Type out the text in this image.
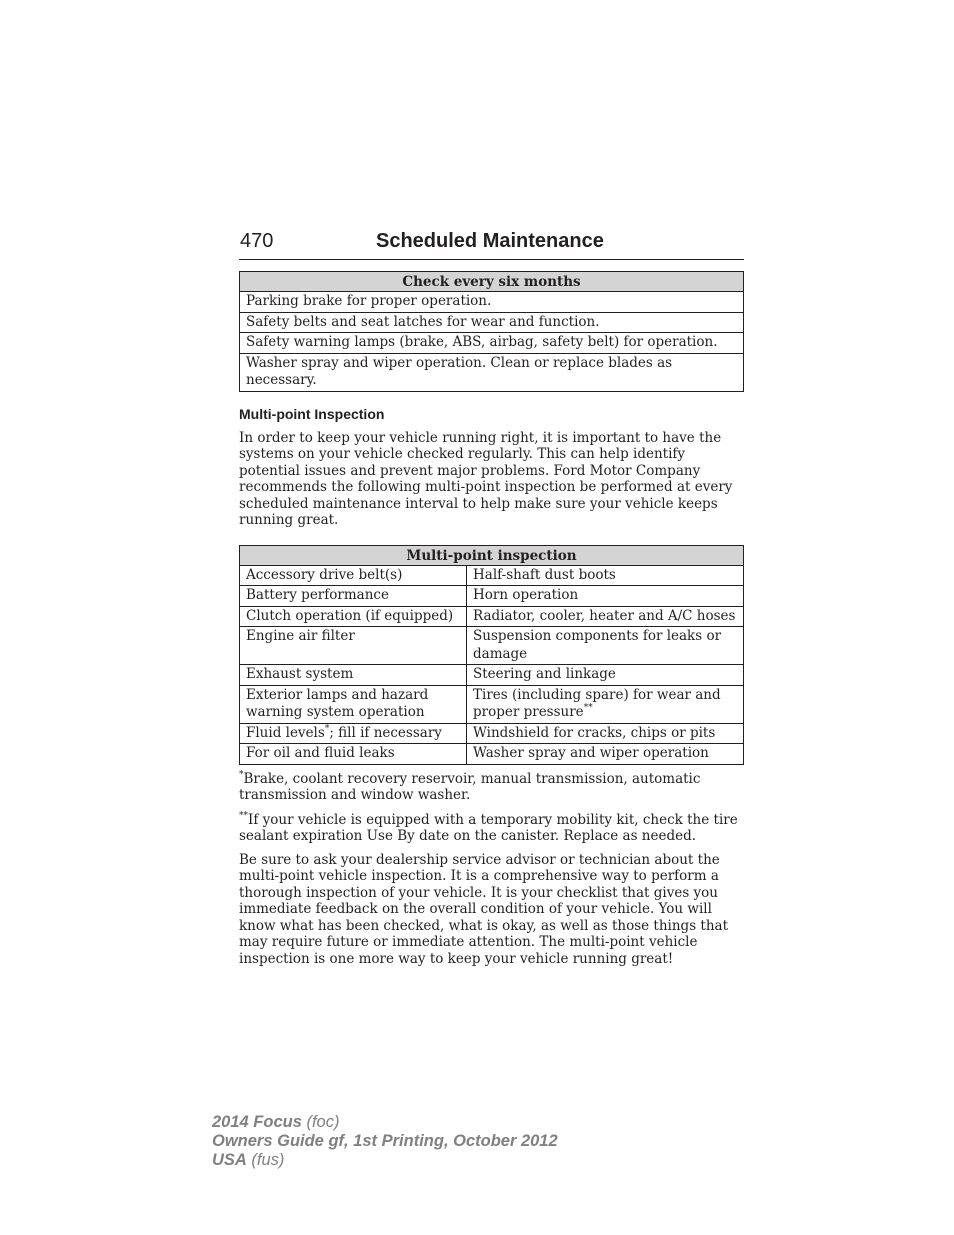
470	Scheduled Maintenance
Check every six months
Parking brake for proper operation.
Safety belts and seat latches for wear and function.
Safety warning lamps (brake, ABS, airbag, safety belt) for operation.
Washer spray and wiper operation. Clean or replace blades as necessary.
Multi-point Inspection

In order to keep your vehicle running right, it is important to have the systems on your vehicle checked regularly. This can help identify potential issues and prevent major problems. Ford Motor Company recommends the following multi-point inspection be performed at every scheduled maintenance interval to help make sure your vehicle keeps running great.

Multi-point inspection	
Accessory drive belt(s)	Half-shaft dust boots
Battery performance	Horn operation
Clutch operation (if equipped)	Radiator, cooler, heater and A/C hoses
Engine air filter	Suspension components for leaks or damage
Exhaust system	Steering and linkage
Exterior lamps and hazard warning system operation	Tires (including spare) for wear and proper pressure**
Fluid levels*; fill if necessary	Windshield for cracks, chips or pits
For oil and fluid leaks	Washer spray and wiper operation

*Brake, coolant recovery reservoir, manual transmission, automatic transmission and window washer.

**If your vehicle is equipped with a temporary mobility kit, check the tire sealant expiration Use By date on the canister. Replace as needed.

Be sure to ask your dealership service advisor or technician about the multi-point vehicle inspection. It is a comprehensive way to perform a thorough inspection of your vehicle. It is your checklist that gives you immediate feedback on the overall condition of your vehicle. You will know what has been checked, what is okay, as well as those things that may require future or immediate attention. The multi-point vehicle inspection is one more way to keep your vehicle running great!

2014 Focus (foc)
Owners Guide gf, 1st Printing, October 2012
USA (fus)
